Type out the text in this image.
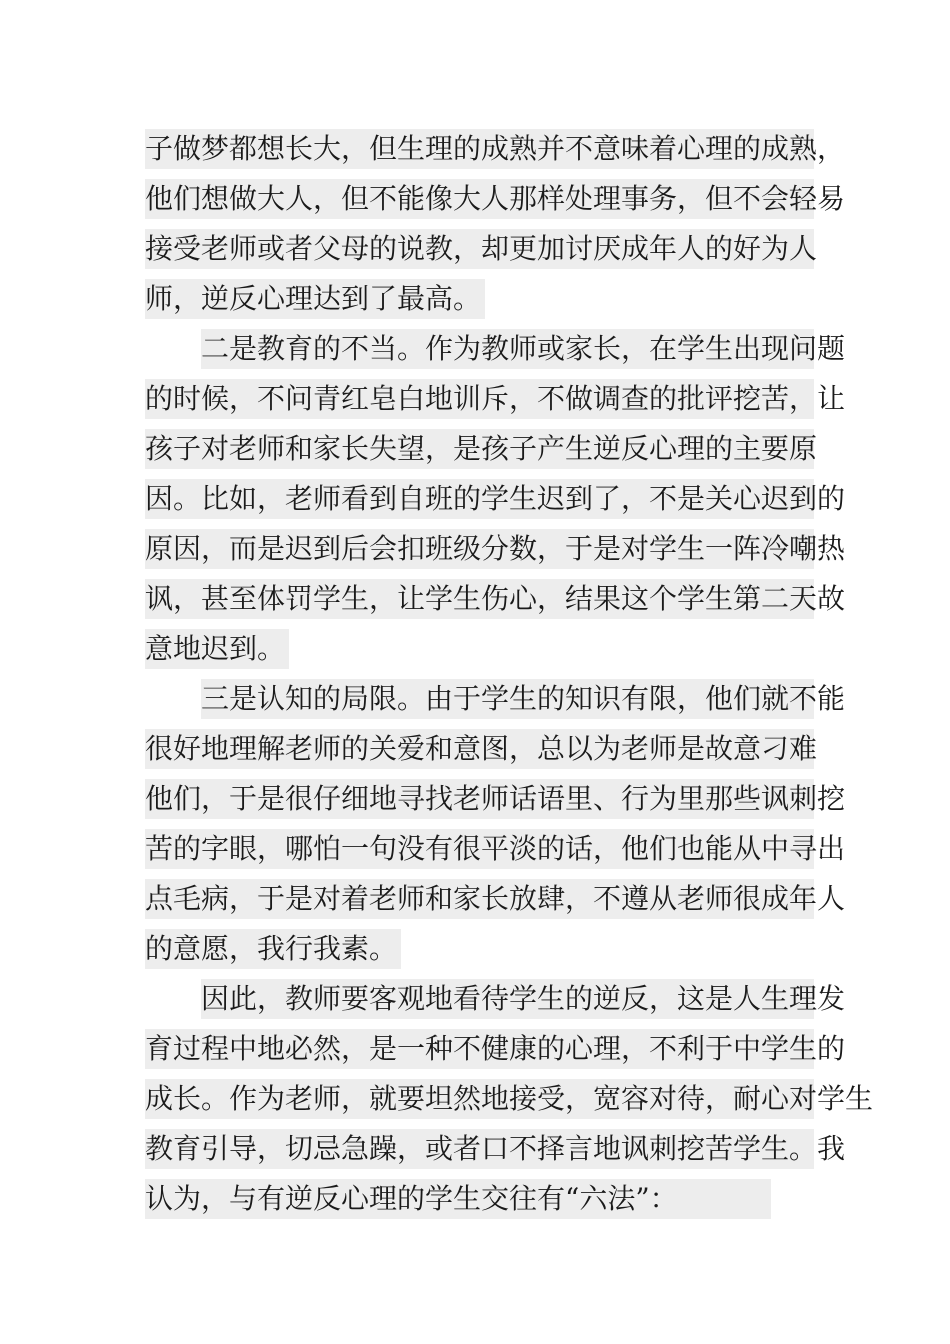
子做梦都想长大，但生理的成熟并不意味着心理的成熟，
他们想做大人，但不能像大人那样处理事务，但不会轻易
接受老师或者父母的说教，却更加讨厌成年人的好为人
师，逆反心理达到了最高。
二是教育的不当。作为教师或家长，在学生出现问题
的时候，不问青红皂白地训斥，不做调查的批评挖苦，让
孩子对老师和家长失望，是孩子产生逆反心理的主要原
因。比如，老师看到自班的学生迟到了，不是关心迟到的
原因，而是迟到后会扣班级分数，于是对学生一阵冷嘲热
讽，甚至体罚学生，让学生伤心，结果这个学生第二天故
意地迟到。
三是认知的局限。由于学生的知识有限，他们就不能
很好地理解老师的关爱和意图，总以为老师是故意刁难
他们，于是很仔细地寻找老师话语里、行为里那些讽刺挖
苦的字眼，哪怕一句没有很平淡的话，他们也能从中寻出
点毛病，于是对着老师和家长放肆，不遵从老师很成年人
的意愿，我行我素。
因此，教师要客观地看待学生的逆反，这是人生理发
育过程中地必然，是一种不健康的心理，不利于中学生的
成长。作为老师，就要坦然地接受，宽容对待，耐心对学生
教育引导，切忌急躁，或者口不择言地讽刺挖苦学生。我
认为，与有逆反心理的学生交往有“六法”：
